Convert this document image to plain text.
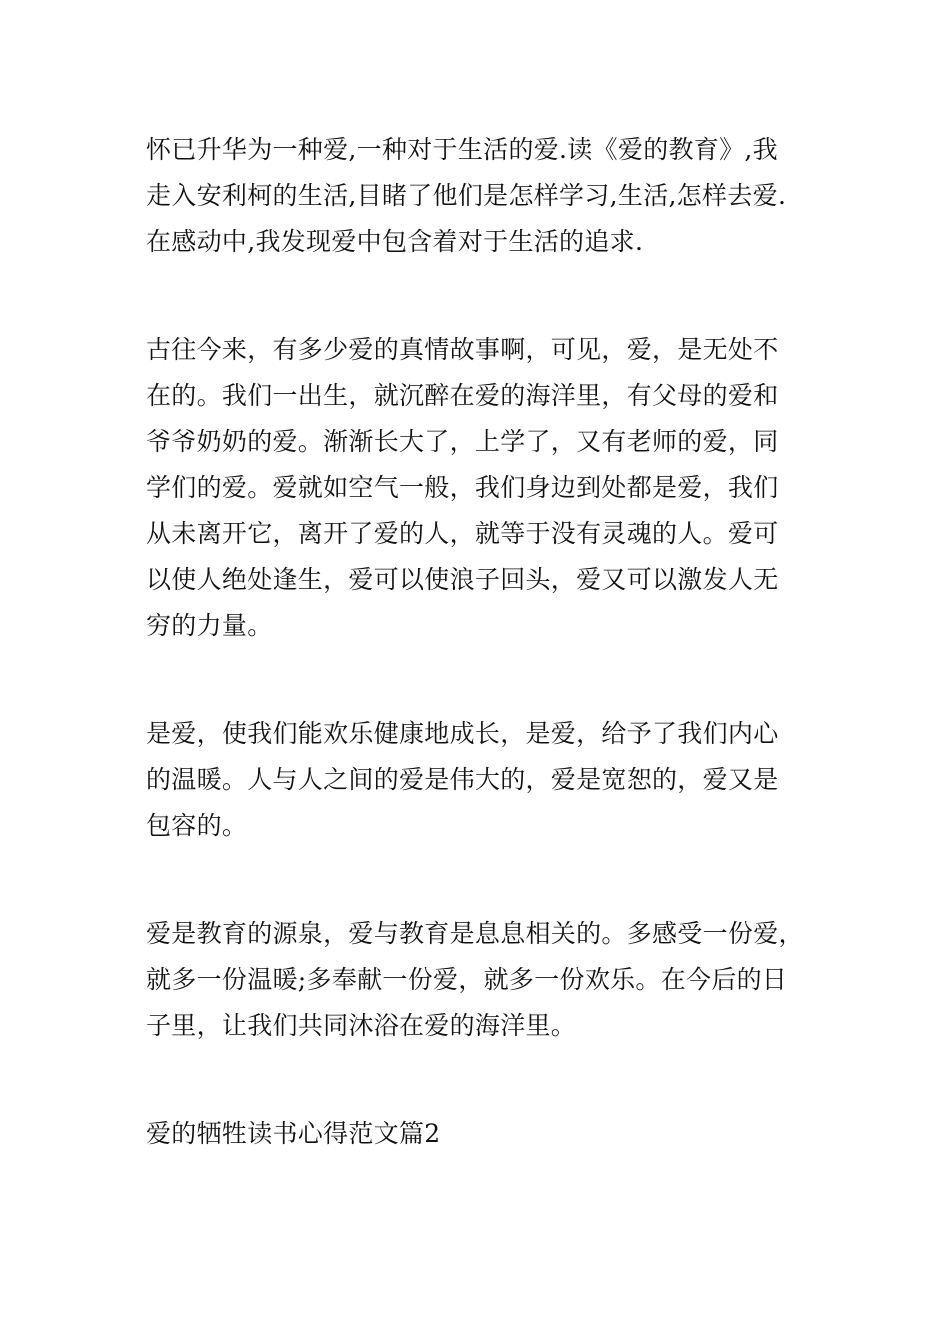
怀已升华为一种爱,一种对于生活的爱.读《爱的教育》,我
走入安利柯的生活,目睹了他们是怎样学习,生活,怎样去爱.
在感动中,我发现爱中包含着对于生活的追求.
古往今来，有多少爱的真情故事啊，可见，爱，是无处不
在的。我们一出生，就沉醉在爱的海洋里，有父母的爱和
爷爷奶奶的爱。渐渐长大了，上学了，又有老师的爱，同
学们的爱。爱就如空气一般，我们身边到处都是爱，我们
从未离开它，离开了爱的人，就等于没有灵魂的人。爱可
以使人绝处逢生，爱可以使浪子回头，爱又可以激发人无
穷的力量。
是爱，使我们能欢乐健康地成长，是爱，给予了我们内心
的温暖。人与人之间的爱是伟大的，爱是宽恕的，爱又是
包容的。
爱是教育的源泉，爱与教育是息息相关的。多感受一份爱，
就多一份温暖;多奉献一份爱，就多一份欢乐。在今后的日
子里，让我们共同沐浴在爱的海洋里。
爱的牺牲读书心得范文篇2
